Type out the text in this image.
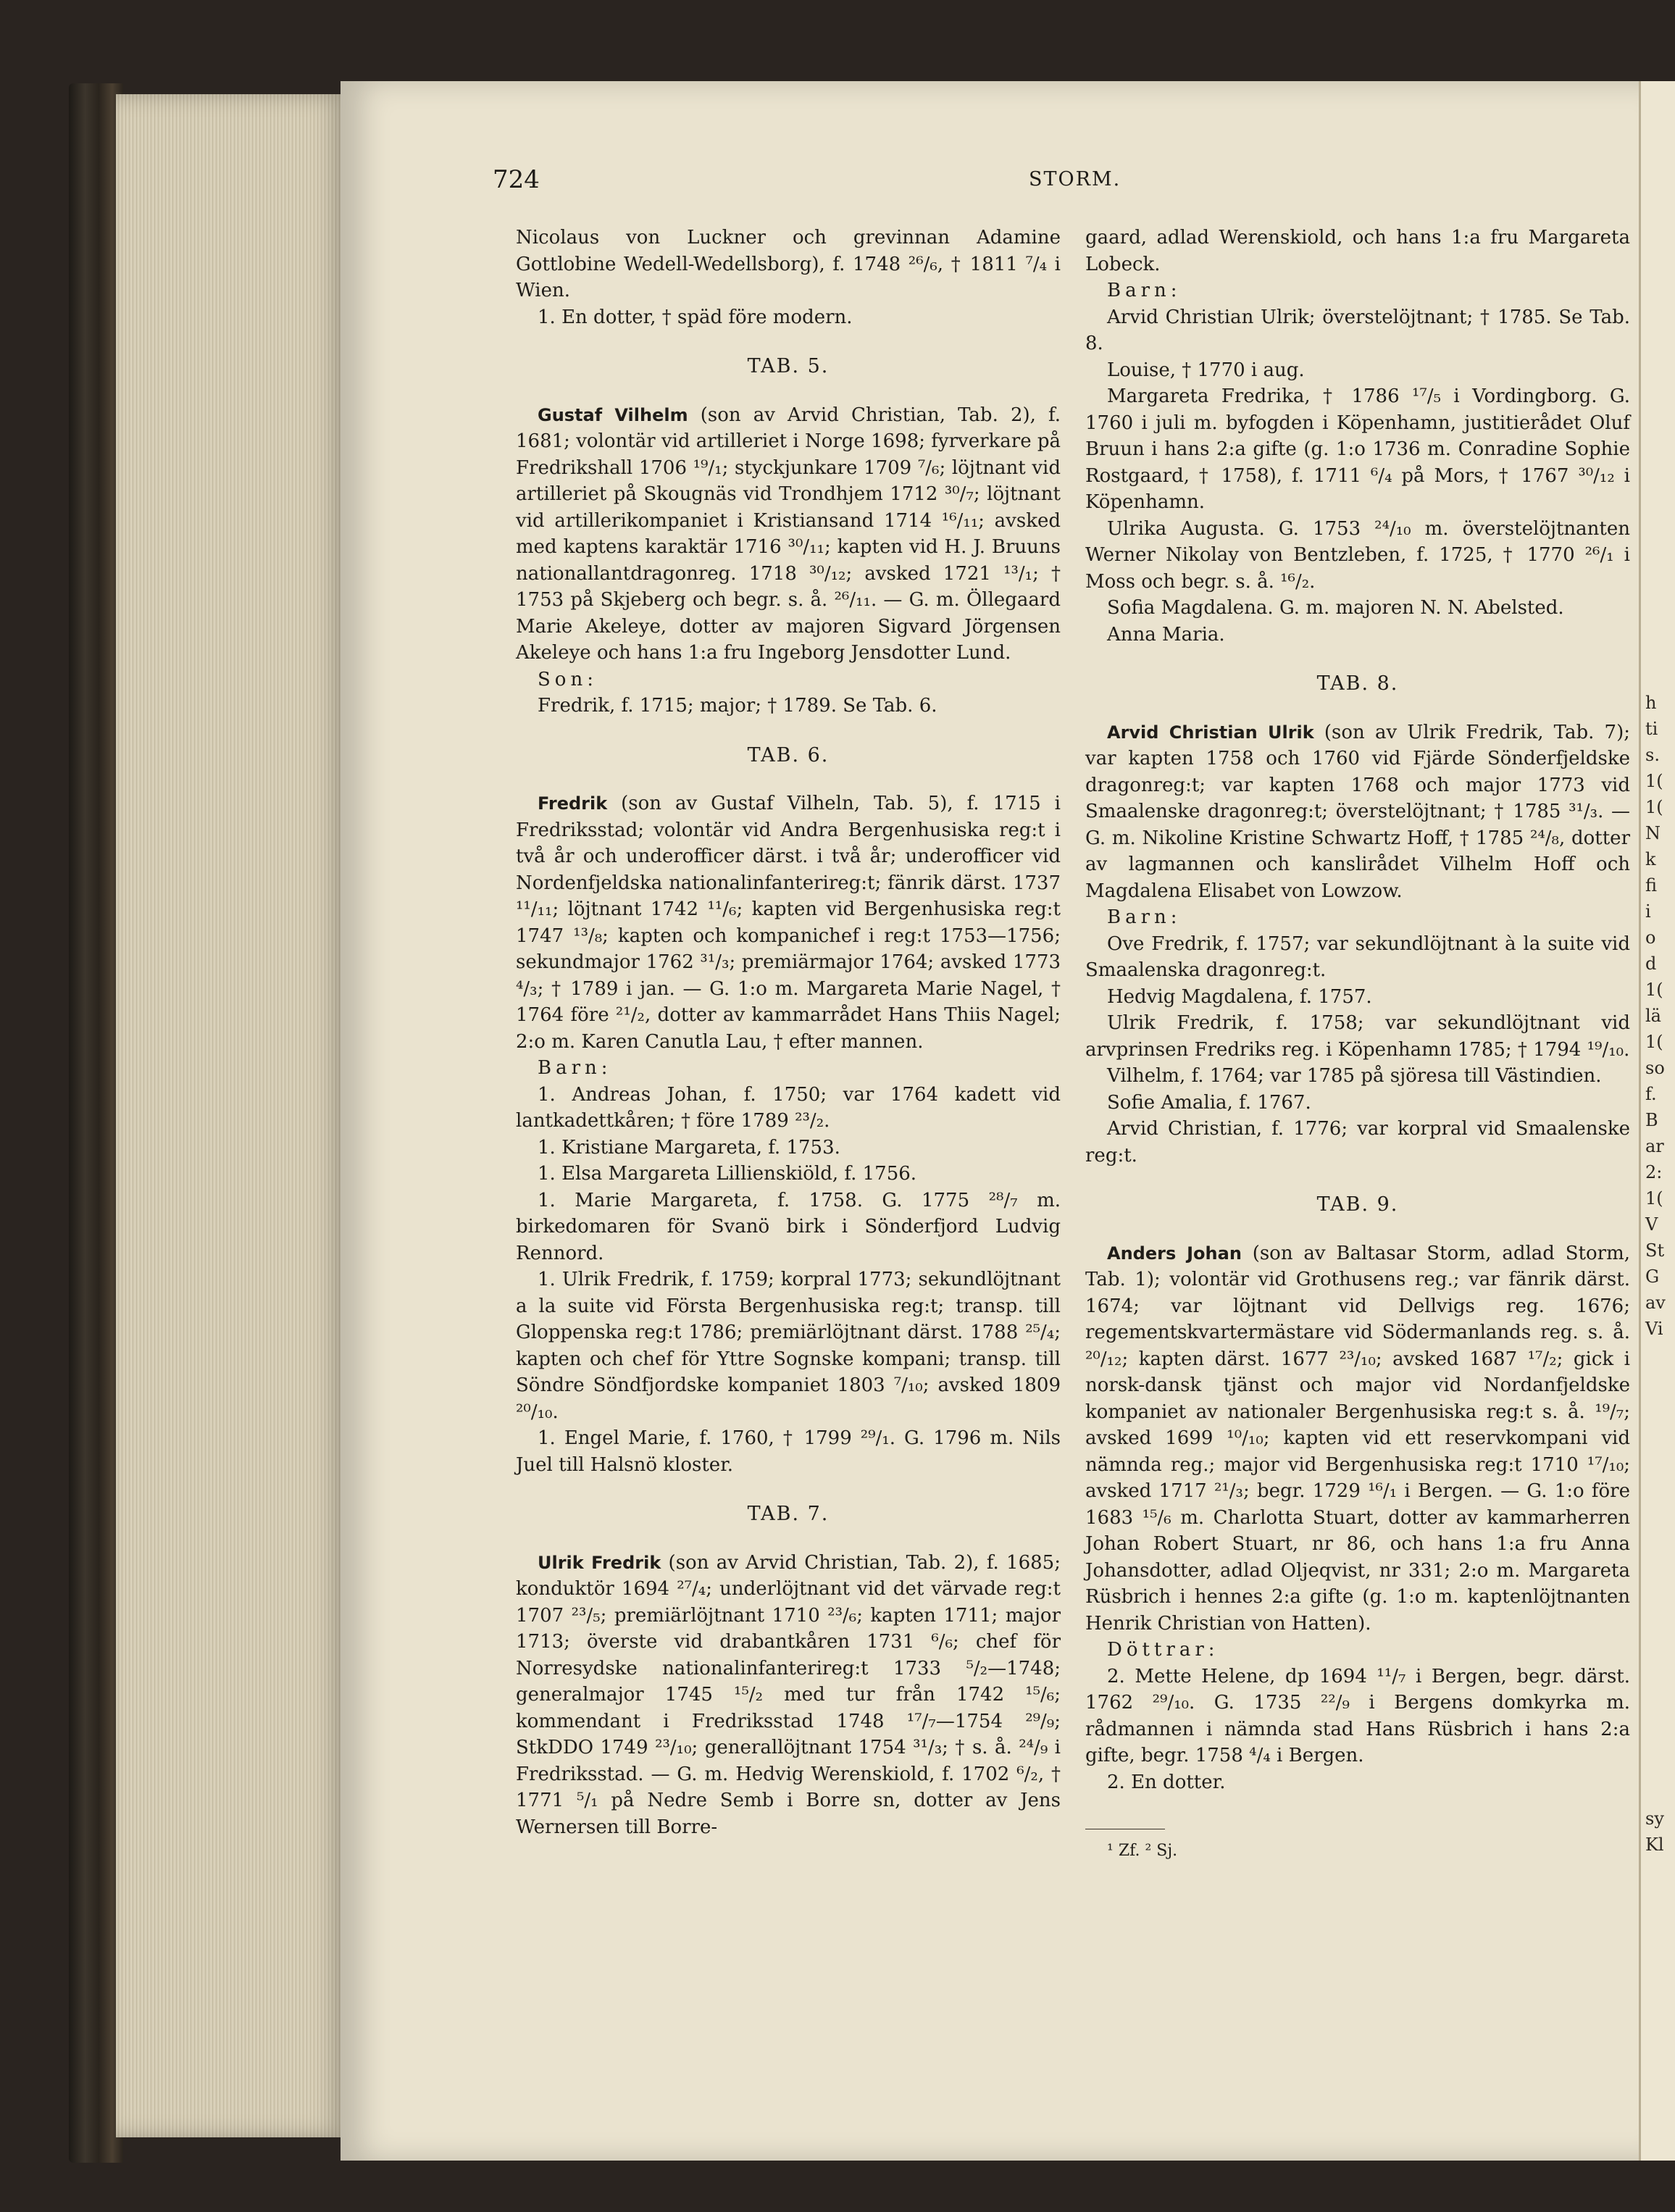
724	STORM.

Nicolaus von Luckner och grevinnan Adamine Gottlobine Wedell-Wedellsborg), f. 1748 ²⁶/₆, † 1811 ⁷/₄ i Wien.

1. En dotter, † späd före modern.

TAB. 5.

Gustaf Vilhelm (son av Arvid Christian, Tab. 2), f. 1681; volontär vid artilleriet i Norge 1698; fyrverkare på Fredrikshall 1706 ¹⁹/₁; styckjunkare 1709 ⁷/₆; löjtnant vid artilleriet på Skougnäs vid Trondhjem 1712 ³⁰/₇; löjtnant vid artillerikompaniet i Kristiansand 1714 ¹⁶/₁₁; avsked med kaptens karaktär 1716 ³⁰/₁₁; kapten vid H. J. Bruuns nationallantdragonreg. 1718 ³⁰/₁₂; avsked 1721 ¹³/₁; † 1753 på Skjeberg och begr. s. å. ²⁶/₁₁. — G. m. Öllegaard Marie Akeleye, dotter av majoren Sigvard Jörgensen Akeleye och hans 1:a fru Ingeborg Jensdotter Lund.

Son:

Fredrik, f. 1715; major; † 1789. Se Tab. 6.

TAB. 6.

Fredrik (son av Gustaf Vilheln, Tab. 5), f. 1715 i Fredriksstad; volontär vid Andra Bergenhusiska reg:t i två år och underofficer därst. i två år; underofficer vid Nordenfjeldska nationalinfanterireg:t; fänrik därst. 1737 ¹¹/₁₁; löjtnant 1742 ¹¹/₆; kapten vid Bergenhusiska reg:t 1747 ¹³/₈; kapten och kompanichef i reg:t 1753—1756; sekundmajor 1762 ³¹/₃; premiärmajor 1764; avsked 1773 ⁴/₃; † 1789 i jan. — G. 1:o m. Margareta Marie Nagel, † 1764 före ²¹/₂, dotter av kammarrådet Hans Thiis Nagel; 2:o m. Karen Canutla Lau, † efter mannen.

Barn:

1. Andreas Johan, f. 1750; var 1764 kadett vid lantkadettkåren; † före 1789 ²³/₂.

1. Kristiane Margareta, f. 1753.

1. Elsa Margareta Lillienskiöld, f. 1756.

1. Marie Margareta, f. 1758. G. 1775 ²⁸/₇ m. birkedomaren för Svanö birk i Sönderfjord Ludvig Rennord.

1. Ulrik Fredrik, f. 1759; korpral 1773; sekundlöjtnant a la suite vid Första Bergenhusiska reg:t; transp. till Gloppenska reg:t 1786; premiärlöjtnant därst. 1788 ²⁵/₄; kapten och chef för Yttre Sognske kompani; transp. till Söndre Söndfjordske kompaniet 1803 ⁷/₁₀; avsked 1809 ²⁰/₁₀.

1. Engel Marie, f. 1760, † 1799 ²⁹/₁. G. 1796 m. Nils Juel till Halsnö kloster.

TAB. 7.

Ulrik Fredrik (son av Arvid Christian, Tab. 2), f. 1685; konduktör 1694 ²⁷/₄; underlöjtnant vid det värvade reg:t 1707 ²³/₅; premiärlöjtnant 1710 ²³/₆; kapten 1711; major 1713; överste vid drabantkåren 1731 ⁶/₆; chef för Norresydske nationalinfanterireg:t 1733 ⁵/₂—1748; generalmajor 1745 ¹⁵/₂ med tur från 1742 ¹⁵/₆; kommendant i Fredriksstad 1748 ¹⁷/₇—1754 ²⁹/₉; StkDDO 1749 ²³/₁₀; generallöjtnant 1754 ³¹/₃; † s. å. ²⁴/₉ i Fredriksstad. — G. m. Hedvig Werenskiold, f. 1702 ⁶/₂, † 1771 ⁵/₁ på Nedre Semb i Borre sn, dotter av Jens Wernersen till Borre-

gaard, adlad Werenskiold, och hans 1:a fru Margareta Lobeck.

Barn:

Arvid Christian Ulrik; överstelöjtnant; † 1785. Se Tab. 8.

Louise, † 1770 i aug.

Margareta Fredrika, † 1786 ¹⁷/₅ i Vordingborg. G. 1760 i juli m. byfogden i Köpenhamn, justitierådet Oluf Bruun i hans 2:a gifte (g. 1:o 1736 m. Conradine Sophie Rostgaard, † 1758), f. 1711 ⁶/₄ på Mors, † 1767 ³⁰/₁₂ i Köpenhamn.

Ulrika Augusta. G. 1753 ²⁴/₁₀ m. överstelöjtnanten Werner Nikolay von Bentzleben, f. 1725, † 1770 ²⁶/₁ i Moss och begr. s. å. ¹⁶/₂.

Sofia Magdalena. G. m. majoren N. N. Abelsted.

Anna Maria.

TAB. 8.

Arvid Christian Ulrik (son av Ulrik Fredrik, Tab. 7); var kapten 1758 och 1760 vid Fjärde Sönderfjeldske dragonreg:t; var kapten 1768 och major 1773 vid Smaalenske dragonreg:t; överstelöjtnant; † 1785 ³¹/₃. — G. m. Nikoline Kristine Schwartz Hoff, † 1785 ²⁴/₈, dotter av lagmannen och kanslirådet Vilhelm Hoff och Magdalena Elisabet von Lowzow.

Barn:

Ove Fredrik, f. 1757; var sekundlöjtnant à la suite vid Smaalenska dragonreg:t.

Hedvig Magdalena, f. 1757.

Ulrik Fredrik, f. 1758; var sekundlöjtnant vid arvprinsen Fredriks reg. i Köpenhamn 1785; † 1794 ¹⁹/₁₀.

Vilhelm, f. 1764; var 1785 på sjöresa till Västindien.

Sofie Amalia, f. 1767.

Arvid Christian, f. 1776; var korpral vid Smaalenske reg:t.

TAB. 9.

Anders Johan (son av Baltasar Storm, adlad Storm, Tab. 1); volontär vid Grothusens reg.; var fänrik därst. 1674; var löjtnant vid Dellvigs reg. 1676; regementskvartermästare vid Södermanlands reg. s. å. ²⁰/₁₂; kapten därst. 1677 ²³/₁₀; avsked 1687 ¹⁷/₂; gick i norsk-dansk tjänst och major vid Nordanfjeldske kompaniet av nationaler Bergenhusiska reg:t s. å. ¹⁹/₇; avsked 1699 ¹⁰/₁₀; kapten vid ett reservkompani vid nämnda reg.; major vid Bergenhusiska reg:t 1710 ¹⁷/₁₀; avsked 1717 ²¹/₃; begr. 1729 ¹⁶/₁ i Bergen. — G. 1:o före 1683 ¹⁵/₆ m. Charlotta Stuart, dotter av kammarherren Johan Robert Stuart, nr 86, och hans 1:a fru Anna Johansdotter, adlad Oljeqvist, nr 331; 2:o m. Margareta Rüsbrich i hennes 2:a gifte (g. 1:o m. kaptenlöjtnanten Henrik Christian von Hatten).

Döttrar:

2. Mette Helene, dp 1694 ¹¹/₇ i Bergen, begr. därst. 1762 ²⁹/₁₀. G. 1735 ²²/₉ i Bergens domkyrka m. rådmannen i nämnda stad Hans Rüsbrich i hans 2:a gifte, begr. 1758 ⁴/₄ i Bergen.

2. En dotter.

¹ Zf. ² Sj.

h
ti
s.
1(
1(
N
k
fi
i
o
d
1(
lä
1(
so
f.
B
ar
2:
1(
V
St
G
av
Vi
sy
Kl
